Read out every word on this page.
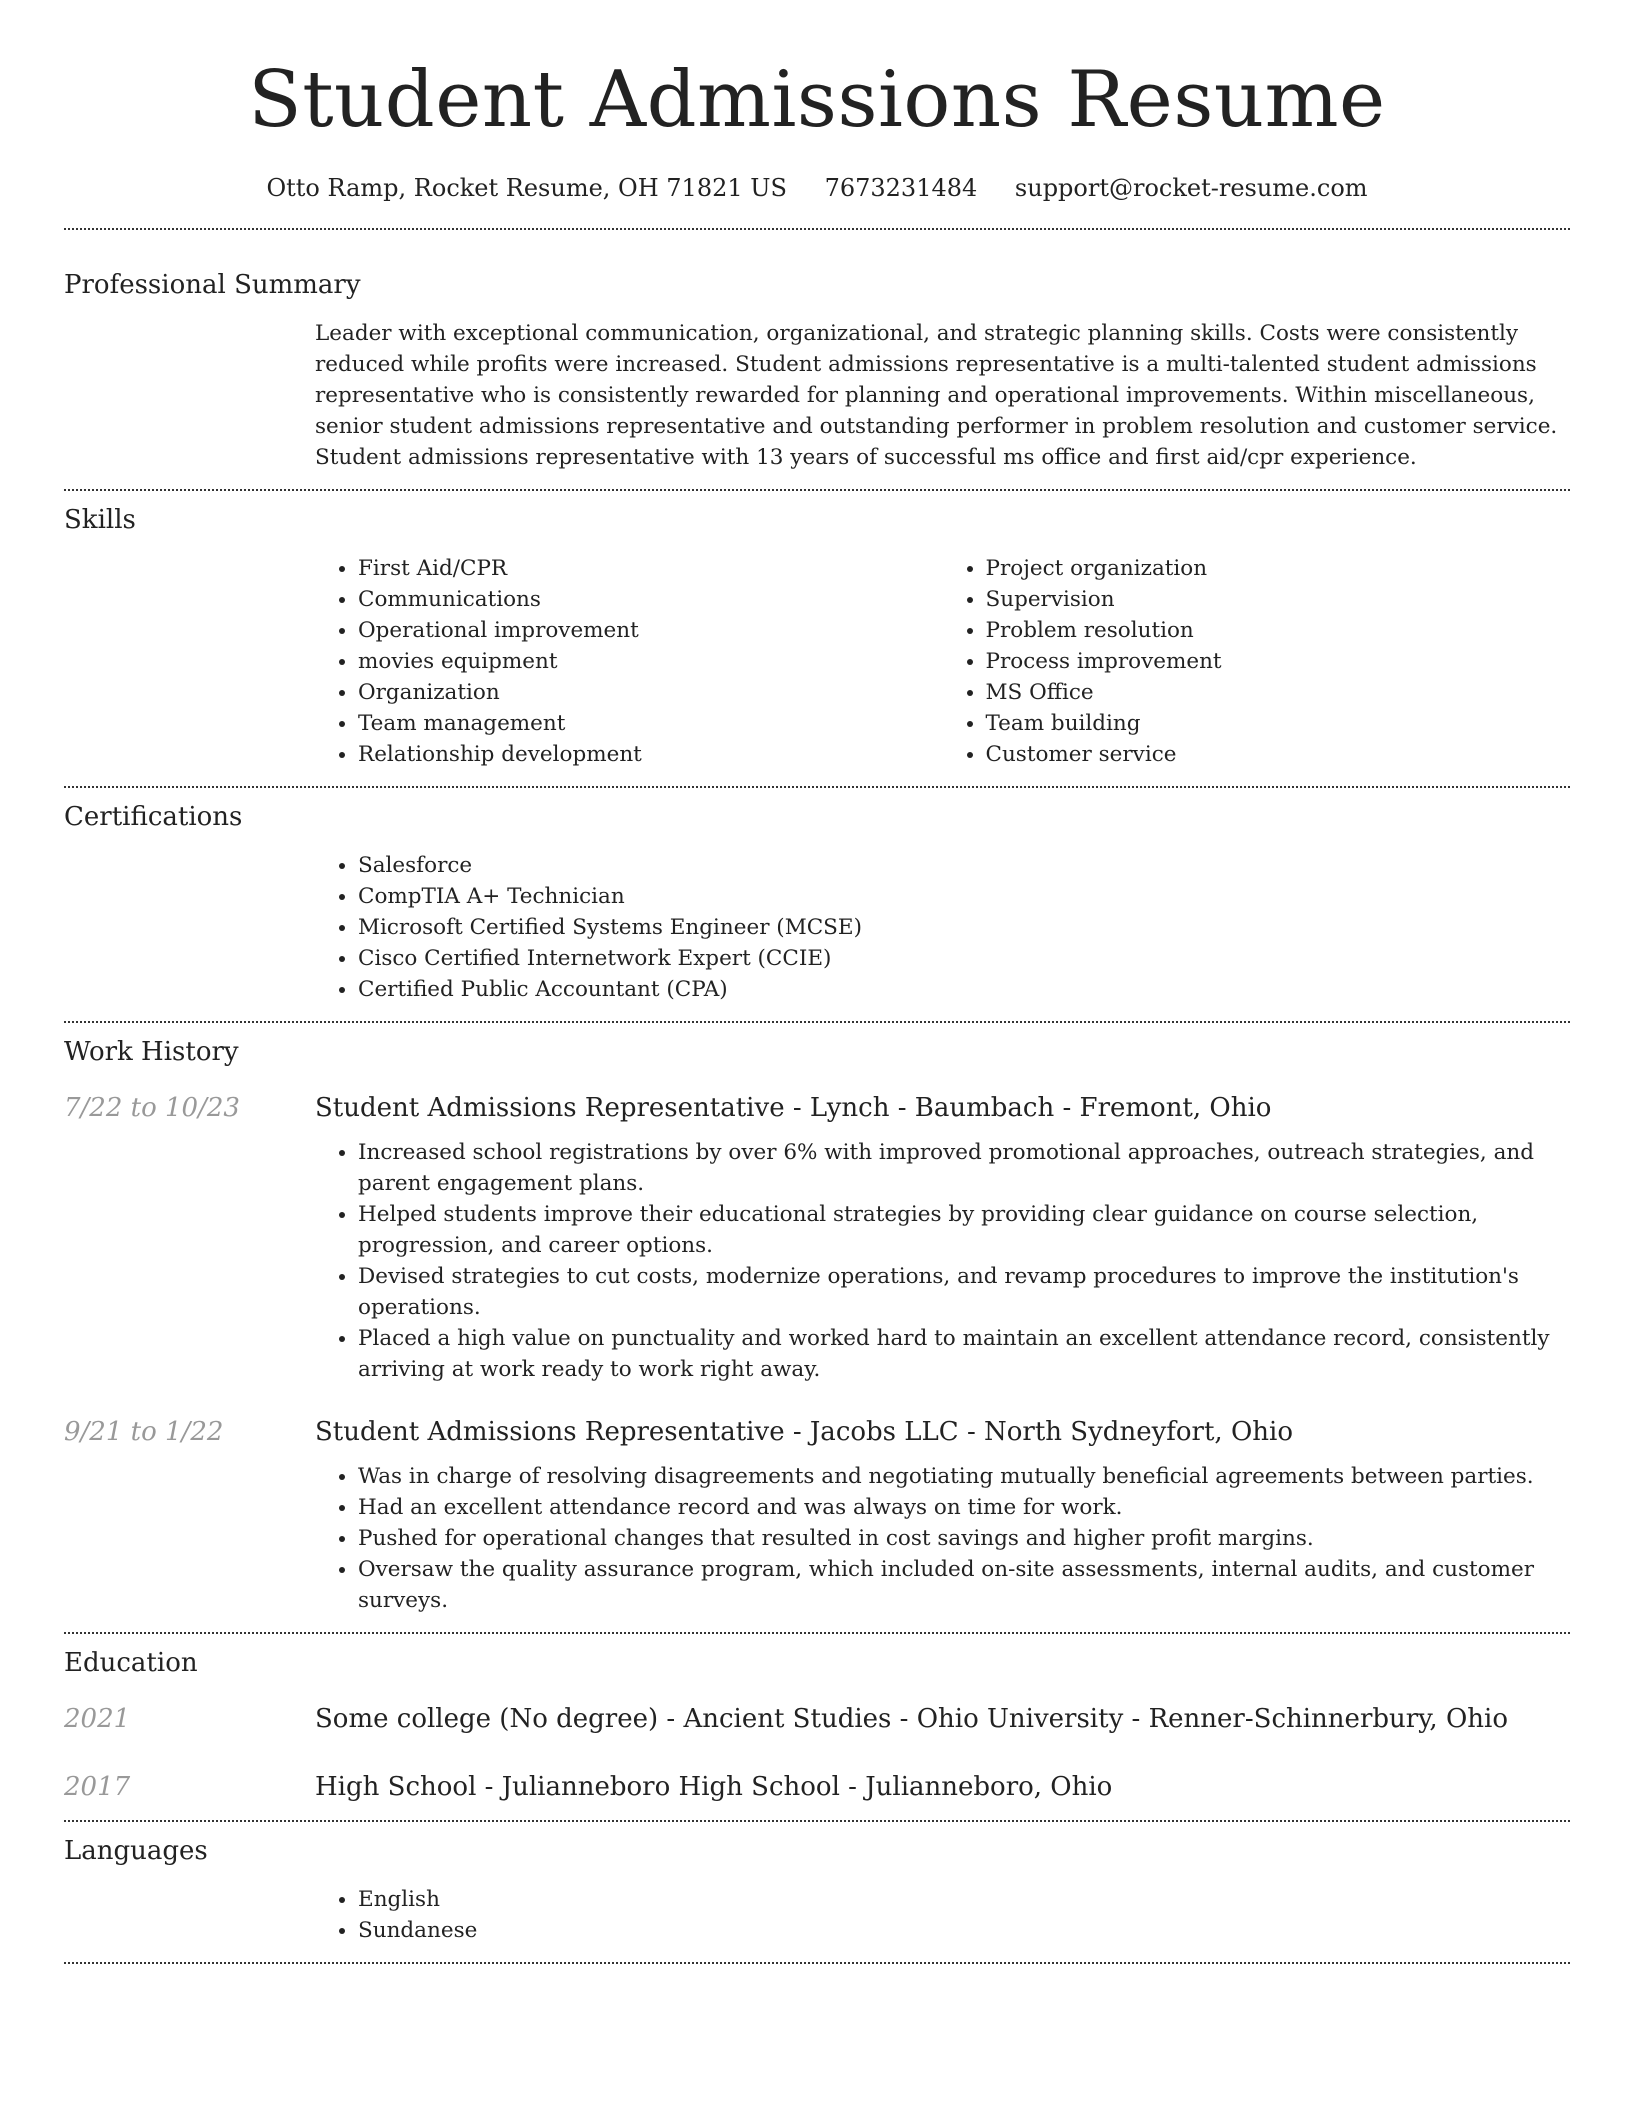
Student Admissions Resume
Otto Ramp, Rocket Resume, OH 71821 US 7673231484 support@rocket-resume.com
Professional Summary
Leader with exceptional communication, organizational, and strategic planning skills. Costs were consistently reduced while profits were increased. Student admissions representative is a multi-talented student admissions representative who is consistently rewarded for planning and operational improvements. Within miscellaneous, senior student admissions representative and outstanding performer in problem resolution and customer service. Student admissions representative with 13 years of successful ms office and first aid/cpr experience.
Skills
• First Aid/CPR
• Communications
• Operational improvement
• movies equipment
• Organization
• Team management
• Relationship development
• Project organization
• Supervision
• Problem resolution
• Process improvement
• MS Office
• Team building
• Customer service
Certifications
• Salesforce
• CompTIA A+ Technician
• Microsoft Certified Systems Engineer (MCSE)
• Cisco Certified Internetwork Expert (CCIE)
• Certified Public Accountant (CPA)
Work History
7/22 to 10/23	Student Admissions Representative - Lynch - Baumbach - Fremont, Ohio
• Increased school registrations by over 6% with improved promotional approaches, outreach strategies, and parent engagement plans.
• Helped students improve their educational strategies by providing clear guidance on course selection, progression, and career options.
• Devised strategies to cut costs, modernize operations, and revamp procedures to improve the institution's operations.
• Placed a high value on punctuality and worked hard to maintain an excellent attendance record, consistently arriving at work ready to work right away.
9/21 to 1/22	Student Admissions Representative - Jacobs LLC - North Sydneyfort, Ohio
• Was in charge of resolving disagreements and negotiating mutually beneficial agreements between parties.
• Had an excellent attendance record and was always on time for work.
• Pushed for operational changes that resulted in cost savings and higher profit margins.
• Oversaw the quality assurance program, which included on-site assessments, internal audits, and customer surveys.
Education
2021	Some college (No degree) - Ancient Studies - Ohio University - Renner-Schinnerbury, Ohio
2017	High School - Julianneboro High School - Julianneboro, Ohio
Languages
• English
• Sundanese
